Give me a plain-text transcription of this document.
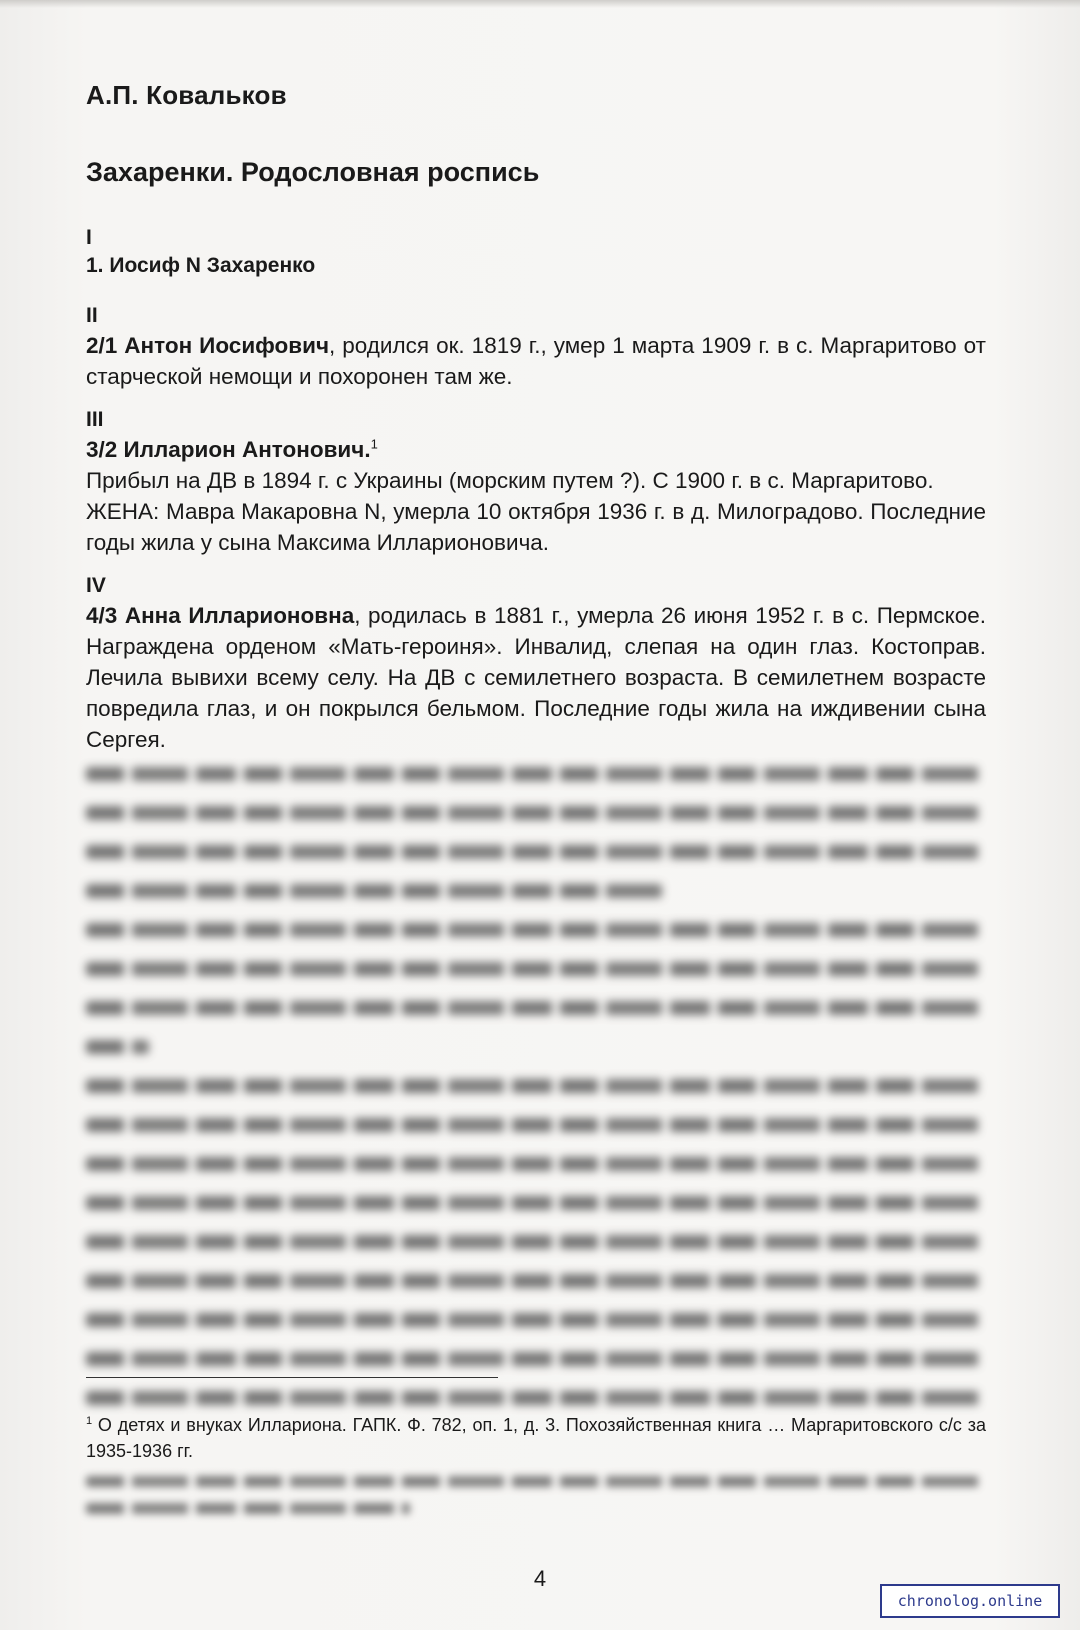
А.П. Ковальков
Захаренки. Родословная роспись
I
1. Иосиф N Захаренко
II

2/1 Антон Иосифович, родился ок. 1819 г., умер 1 марта 1909 г. в с. Маргаритово от старческой немощи и похоронен там же.

III

3/2 Илларион Антонович.$^1$

Прибыл на ДВ в 1894 г. с Украины (морским путем ?). С 1900 г. в с. Маргаритово.

ЖЕНА: Мавра Макаровна N, умерла 10 октября 1936 г. в д. Милоградово. Последние годы жила у сына Максима Илларионовича.

IV

4/3 Анна Илларионовна, родилась в 1881 г., умерла 26 июня 1952 г. в с. Пермское. Награждена орденом «Мать-героиня». Инвалид, слепая на один глаз. Костоправ. Лечила вывихи всему селу. На ДВ с семилетнего возраста. В семилетнем возрасте повредила глаз, и он покрылся бельмом. Последние годы жила на иждивении сына Сергея.

$^1$ О детях и внуках Иллариона. ГАПК. Ф. 782, оп. 1, д. 3. Похозяйственная книга … Маргаритовского с/с за 1935-1936 гг.
4
chronolog.online
